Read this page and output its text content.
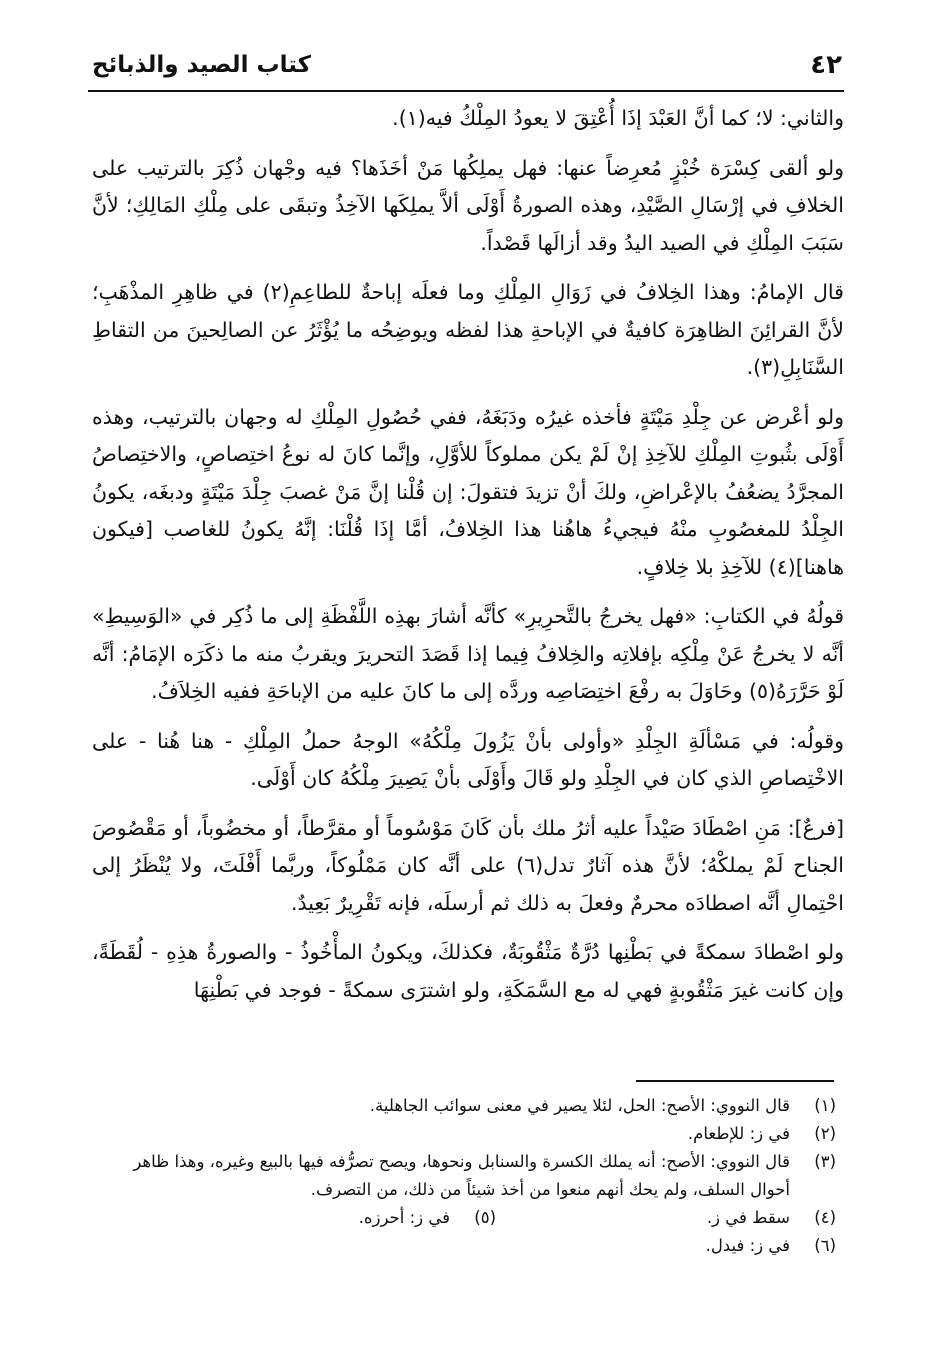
٤٢
كتاب الصيد والذبائح

والثاني: لا؛ كما أنَّ العَبْدَ إذَا أُعْتِقَ لا يعودُ المِلْكُ فيه(١).

ولو ألقى كِسْرَة خُبْزٍ مُعرِضاً عنها: فهل يملِكُها مَنْ أخَذَها؟ فيه وجْهان ذُكِرَ بالترتيب على الخلافِ في إرْسَالِ الصَّيْدِ، وهذه الصورةُ أَوْلَى ألاَّ يملِكَها الآخِذُ وتبقَى على مِلْكِ المَالِكِ؛ لأنَّ سَبَبَ المِلْكِ في الصيد اليدُ وقد أزالَها قَصْداً.

قال الإمامُ: وهذا الخِلافُ في زَوَالِ المِلْكِ وما فعلَه إباحةٌ للطاعِمِ(٢) في ظاهِرِ المذْهَبِ؛ لأنَّ القرائِنَ الظاهِرَة كافيةٌ في الإباحةِ هذا لفظه ويوضِحُه ما يُؤْثَرُ عن الصالِحينَ من التقاطِ السَّنَابِلِ(٣).

ولو أعْرض عن جِلْدِ مَيْتَةٍ فأخذه غيرُه ودَبَغَهُ، ففي حُصُولِ المِلْكِ له وجهان بالترتيب، وهذه أَوْلَى بثُبوتِ المِلْكِ للآخِذِ إنْ لَمْ يكن مملوكاً للأوَّلِ، وإنَّما كانَ له نوعُ اختِصاصٍ، والاختِصاصُ المجرَّدُ يضعُفُ بالإعْراضِ، ولكَ أنْ تزيدَ فتقولَ: إن قُلْنا إنَّ مَنْ غصبَ جِلْدَ مَيْتَةٍ ودبغَه، يكونُ الجِلْدُ للمغصُوبِ منْهُ فيجيءُ هاهُنا هذا الخِلافُ، أمَّا إذَا قُلْنَا: إنَّهُ يكونُ للغاصب [فيكون هاهنا](٤) للآخِذِ بلا خِلافٍ.

قولُهُ في الكتابِ: «فهل يخرجُ بالتَّحرِيرِ» كأنَّه أشارَ بهذِه اللَّفْظَةِ إلى ما ذُكِر في «الوَسِيطِ» أنَّه لا يخرجُ عَنْ مِلْكِه بإفلاتِه والخِلافُ فِيما إذا قَصَدَ التحريرَ ويقربُ منه ما ذكَرَه الإمَامُ: أنَّه لَوْ حَرَّرَهُ(٥) وحَاوَلَ به رفْعَ اختِصَاصِه وردَّه إلى ما كانَ عليه من الإباحَةِ ففيه الخِلاَفُ.

وقولُه: في مَسْألَةِ الجِلْدِ «وأولى بأنْ يَزُولَ مِلْكُهُ» الوجهُ حملُ المِلْكِ - هنا هُنا - على الاخْتِصاصِ الذي كان في الجِلْدِ ولو قَالَ وأَوْلَى بأنْ يَصِيرَ مِلْكُهُ كان أَوْلَى.

[فرعٌ]: مَنِ اصْطَادَ صَيْداً عليه أثرُ ملك بأن كَانَ مَوْسُوماً أو مقرَّطاً، أو مخضُوباً، أو مَقْصُوصَ الجناح لَمْ يملكْهُ؛ لأنَّ هذه آثارٌ تدل(٦) على أنَّه كان مَمْلُوكاً، وربَّما أَفْلَتَ، ولا يُنْظَرُ إلى احْتِمالِ أنَّه اصطادَه محرمٌ وفعلَ به ذلك ثم أرسلَه، فإنه تَقْرِيرٌ بَعِيدٌ.

ولو اصْطادَ سمكةً في بَطْنِها دُرَّةٌ مَثْقُوبَةٌ، فكذلكَ، ويكونُ المأْخُوذُ - والصورةُ هذِهِ - لُقَطَةً، وإن كانت غيرَ مَثْقُوبةٍ فهي له مع السَّمَكَةِ، ولو اشترَى سمكةً - فوجد في بَطْنِهَا

(١)
قال النووي: الأصح: الحل، لئلا يصير في معنى سوائب الجاهلية.
(٢)
في ز: للإطعام.
(٣)
قال النووي: الأصح: أنه يملك الكسرة والسنابل ونحوها، ويصح تصرُّفه فيها بالبيع وغيره، وهذا ظاهر أحوال السلف، ولم يحك أنهم منعوا من أخذ شيئاً من ذلك، من التصرف.
(٤)
سقط في ز.
(٥)
في ز: أحرزه.
(٦)
في ز: فيدل.
